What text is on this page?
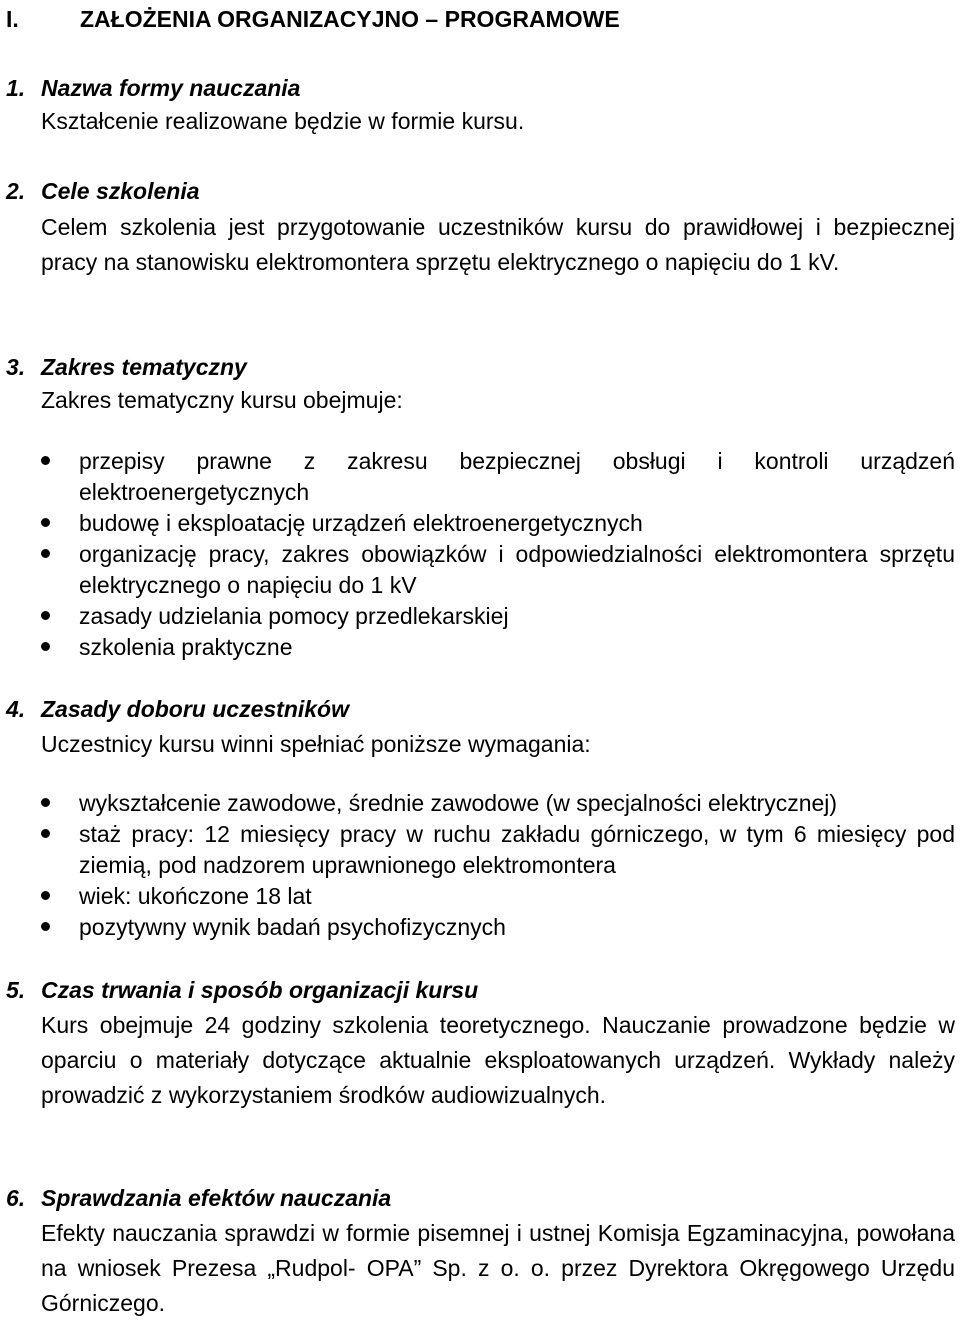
I.	ZAŁOŻENIA ORGANIZACYJNO – PROGRAMOWE
1. Nazwa formy nauczania

Kształcenie realizowane będzie w formie kursu.

2. Cele szkolenia

Celem szkolenia jest przygotowanie uczestników kursu do prawidłowej i bezpiecznej pracy na stanowisku elektromontera sprzętu elektrycznego o napięciu do 1 kV.

3. Zakres tematyczny
Zakres tematyczny kursu obejmuje:
przepisy prawne z zakresu bezpiecznej obsługi i kontroli urządzeń elektroenergetycznych
budowę i eksploatację urządzeń elektroenergetycznych
organizację pracy, zakres obowiązków i odpowiedzialności elektromontera sprzętu elektrycznego o napięciu do 1 kV
zasady udzielania pomocy przedlekarskiej
szkolenia praktyczne
4. Zasady doboru uczestników
Uczestnicy kursu winni spełniać poniższe wymagania:
wykształcenie zawodowe, średnie zawodowe (w specjalności elektrycznej)
staż pracy: 12 miesięcy pracy w ruchu zakładu górniczego, w tym 6 miesięcy pod ziemią, pod nadzorem uprawnionego elektromontera
wiek: ukończone 18 lat
pozytywny wynik badań psychofizycznych
5. Czas trwania i sposób organizacji kursu

Kurs obejmuje 24 godziny szkolenia teoretycznego. Nauczanie prowadzone będzie w oparciu o materiały dotyczące aktualnie eksploatowanych urządzeń. Wykłady należy prowadzić z wykorzystaniem środków audiowizualnych.

6. Sprawdzania efektów nauczania

Efekty nauczania sprawdzi w formie pisemnej i ustnej Komisja Egzaminacyjna, powołana na wniosek Prezesa „Rudpol- OPA” Sp. z o. o. przez Dyrektora Okręgowego Urzędu Górniczego.
